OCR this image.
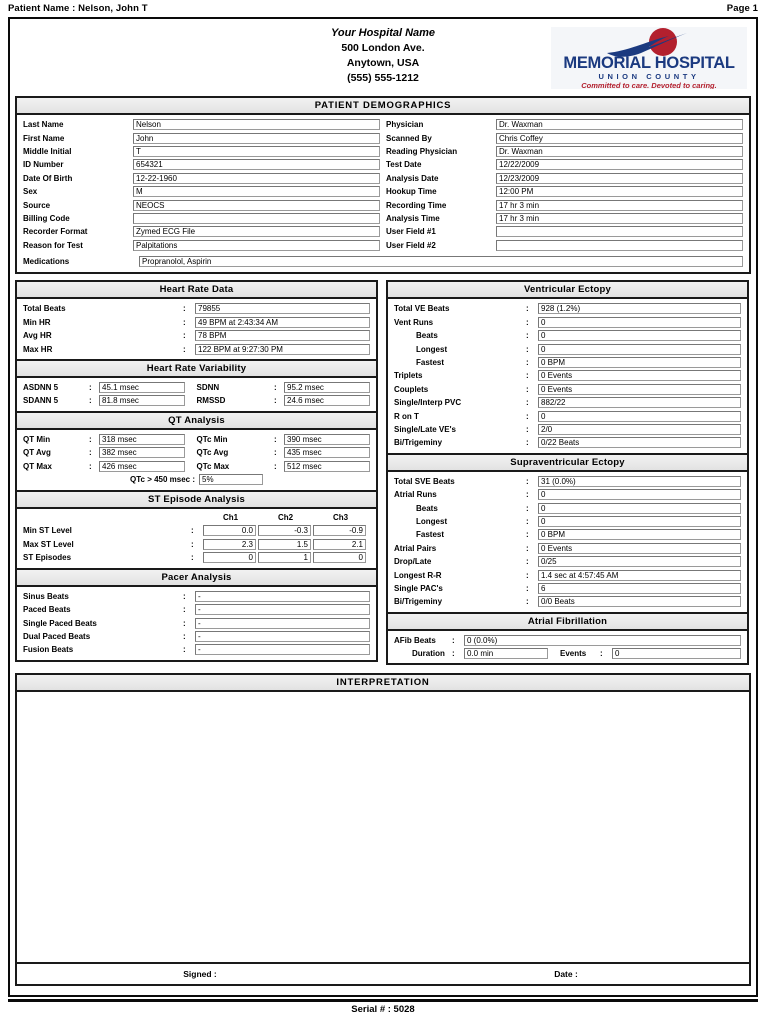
Patient Name : Nelson, John T	Page 1
Your Hospital Name
500 London Ave.
Anytown, USA
(555) 555-1212
MEMORIAL HOSPITAL
UNION COUNTY
Committed to care. Devoted to caring.
PATIENT DEMOGRAPHICS
Last Name	Nelson
First Name	John
Middle Initial	T
ID Number	654321
Date Of Birth	12-22-1960
Sex	M
Source	NEOCS
Billing Code
Recorder Format	Zymed ECG File
Reason for Test	Palpitations
Physician	Dr. Waxman
Scanned By	Chris Coffey
Reading Physician	Dr. Waxman
Test Date	12/22/2009
Analysis Date	12/23/2009
Hookup Time	12:00 PM
Recording Time	17 hr 3 min
Analysis Time	17 hr 3 min
User Field #1
User Field #2
Medications	Propranolol, Aspirin
Heart Rate Data
Total Beats	:	79855
Min HR	:	49 BPM at 2:43:34 AM
Avg HR	:	78 BPM
Max HR	:	122 BPM at 9:27:30 PM
Heart Rate Variability
ASDNN 5	:	45.1 msec	SDNN	:	95.2 msec
SDANN 5	:	81.8 msec	RMSSD	:	24.6 msec
QT Analysis
QT Min	:	318 msec	QTc Min	:	390 msec
QT Avg	:	382 msec	QTc Avg	:	435 msec
QT Max	:	426 msec	QTc Max	:	512 msec
QTc > 450 msec : 5%
ST Episode Analysis
Ch1	Ch2	Ch3
Min ST Level	:	0.0	-0.3	-0.9
Max ST Level	:	2.3	1.5	2.1
ST Episodes	:	0	1	0
Pacer Analysis
Sinus Beats	:	-
Paced Beats	:	-
Single Paced Beats	:	-
Dual Paced Beats	:	-
Fusion Beats	:	-
Ventricular Ectopy
Total VE Beats	:	928 (1.2%)
Vent Runs	:	0
Beats	:	0
Longest	:	0
Fastest	:	0 BPM
Triplets	:	0 Events
Couplets	:	0 Events
Single/Interp PVC	:	882/22
R on T	:	0
Single/Late VE's	:	2/0
Bi/Trigeminy	:	0/22 Beats
Supraventricular Ectopy
Total SVE Beats	:	31 (0.0%)
Atrial Runs	:	0
Beats	:	0
Longest	:	0
Fastest	:	0 BPM
Atrial Pairs	:	0 Events
Drop/Late	:	0/25
Longest R-R	:	1.4 sec at 4:57:45 AM
Single PAC's	:	6
Bi/Trigeminy	:	0/0 Beats
Atrial Fibrillation
AFib Beats	:	0 (0.0%)
Duration :	0.0 min	Events	:	0
INTERPRETATION
Signed :	Date :
Serial # : 5028
